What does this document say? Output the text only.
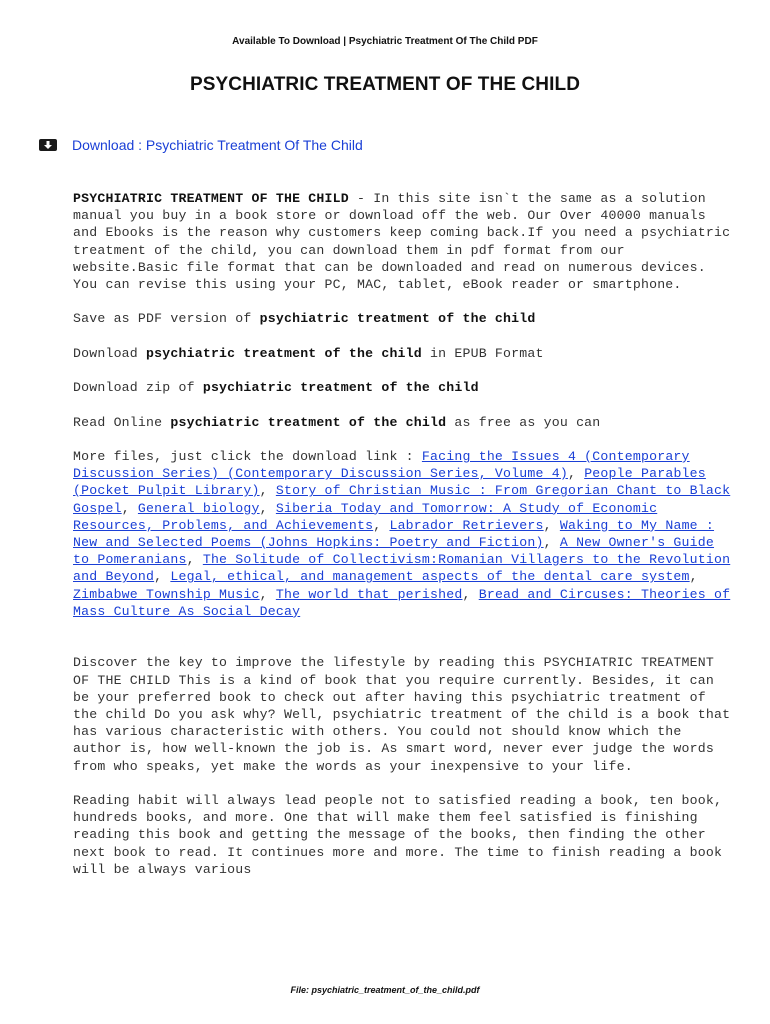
Available To Download | Psychiatric Treatment Of The Child PDF
PSYCHIATRIC TREATMENT OF THE CHILD
Download : Psychiatric Treatment Of The Child

PSYCHIATRIC TREATMENT OF THE CHILD - In this site isn`t the same as a solution manual you buy in a book store or download off the web. Our Over 40000 manuals and Ebooks is the reason why customers keep coming back.If you need a psychiatric treatment of the child, you can download them in pdf format from our website.Basic file format that can be downloaded and read on numerous devices. You can revise this using your PC, MAC, tablet, eBook reader or smartphone.

Save as PDF version of psychiatric treatment of the child

Download psychiatric treatment of the child in EPUB Format

Download zip of psychiatric treatment of the child

Read Online psychiatric treatment of the child as free as you can

More files, just click the download link : Facing the Issues 4 (Contemporary Discussion Series) (Contemporary Discussion Series, Volume 4), People Parables (Pocket Pulpit Library), Story of Christian Music : From Gregorian Chant to Black Gospel, General biology, Siberia Today and Tomorrow: A Study of Economic Resources, Problems, and Achievements, Labrador Retrievers, Waking to My Name : New and Selected Poems (Johns Hopkins: Poetry and Fiction), A New Owner's Guide to Pomeranians, The Solitude of Collectivism:Romanian Villagers to the Revolution and Beyond, Legal, ethical, and management aspects of the dental care system, Zimbabwe Township Music, The world that perished, Bread and Circuses: Theories of Mass Culture As Social Decay

Discover the key to improve the lifestyle by reading this PSYCHIATRIC TREATMENT OF THE CHILD This is a kind of book that you require currently. Besides, it can be your preferred book to check out after having this psychiatric treatment of the child Do you ask why? Well, psychiatric treatment of the child is a book that has various characteristic with others. You could not should know which the author is, how well-known the job is. As smart word, never ever judge the words from who speaks, yet make the words as your inexpensive to your life.

Reading habit will always lead people not to satisfied reading a book, ten book, hundreds books, and more. One that will make them feel satisfied is finishing reading this book and getting the message of the books, then finding the other next book to read. It continues more and more. The time to finish reading a book will be always various

File: psychiatric_treatment_of_the_child.pdf
